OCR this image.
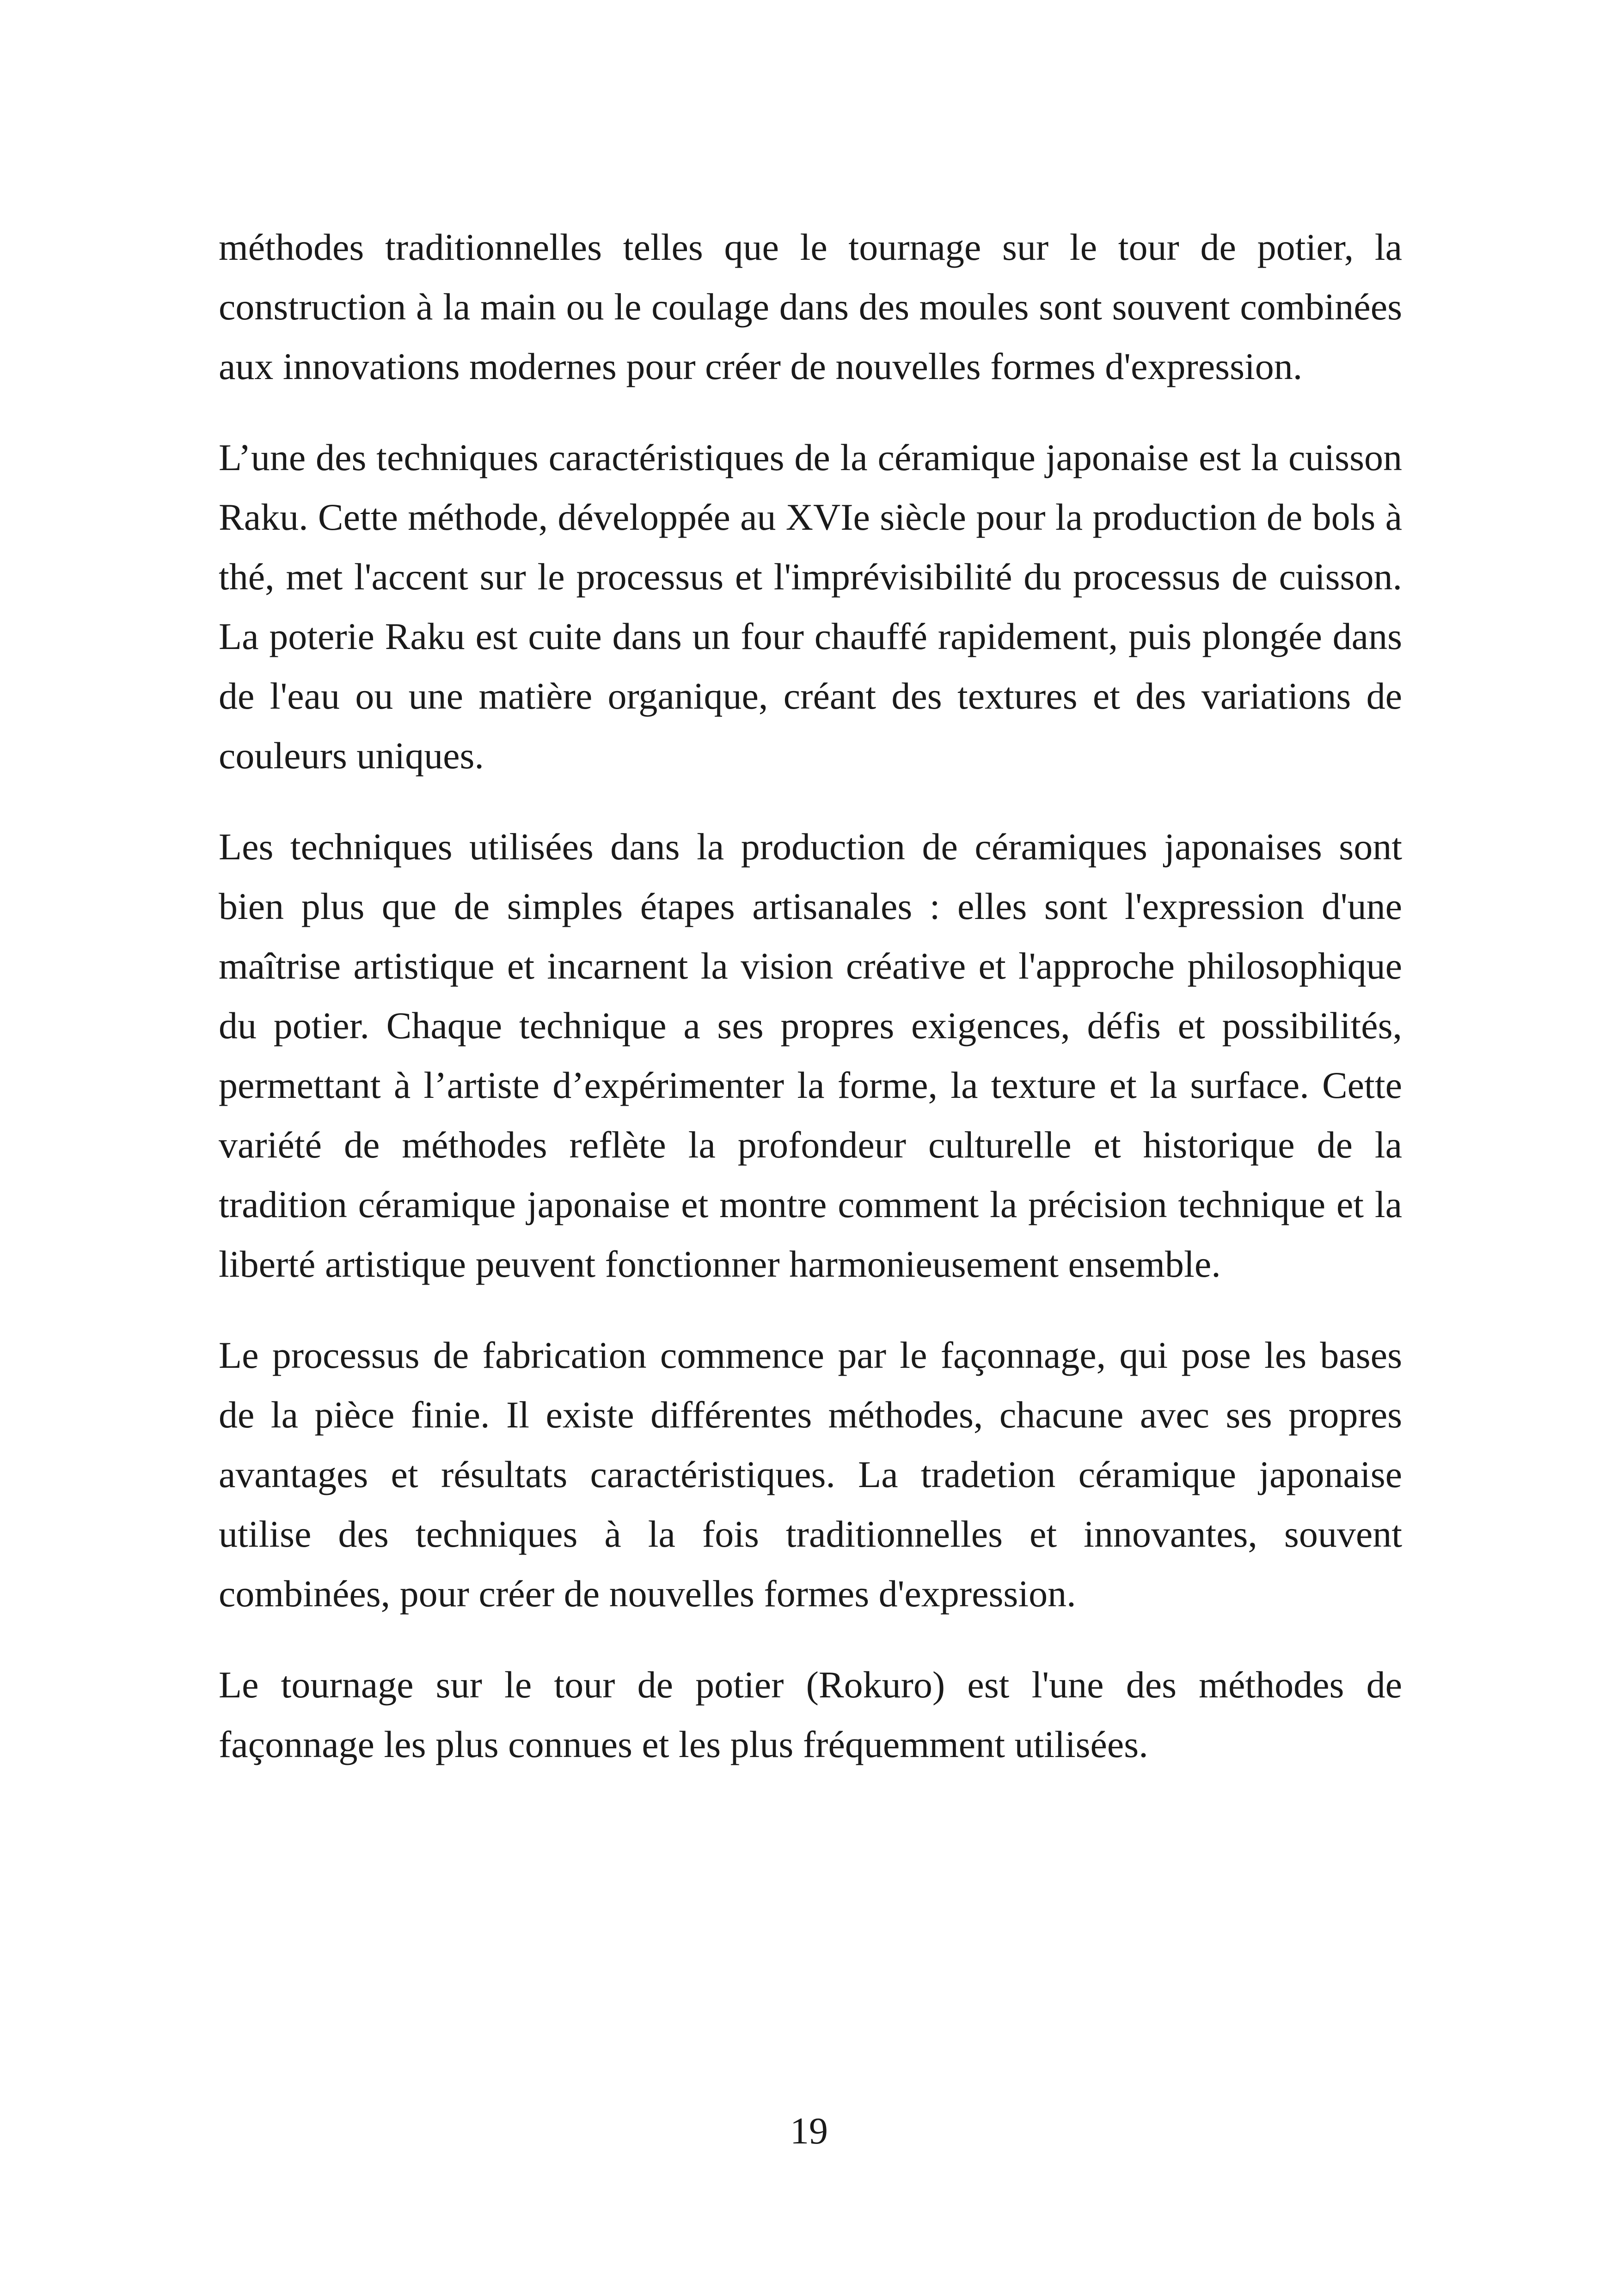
méthodes traditionnelles telles que le tournage sur le tour de potier, la construction à la main ou le coulage dans des moules sont souvent combinées aux innovations modernes pour créer de nouvelles formes d'expression.

L’une des techniques caractéristiques de la céramique japonaise est la cuisson Raku. Cette méthode, développée au XVIe siècle pour la production de bols à thé, met l'accent sur le processus et l'imprévisibilité du processus de cuisson. La poterie Raku est cuite dans un four chauffé rapidement, puis plongée dans de l'eau ou une matière organique, créant des textures et des variations de couleurs uniques.

Les techniques utilisées dans la production de céramiques japonaises sont bien plus que de simples étapes artisanales : elles sont l'expression d'une maîtrise artistique et incarnent la vision créative et l'approche philosophique du potier. Chaque technique a ses propres exigences, défis et possibilités, permettant à l’artiste d’expérimenter la forme, la texture et la surface. Cette variété de méthodes reflète la profondeur culturelle et historique de la tradition céramique japonaise et montre comment la précision technique et la liberté artistique peuvent fonctionner harmonieusement ensemble.

Le processus de fabrication commence par le façonnage, qui pose les bases de la pièce finie. Il existe différentes méthodes, chacune avec ses propres avantages et résultats caractéristiques. La tradetion céramique japonaise utilise des techniques à la fois traditionnelles et innovantes, souvent combinées, pour créer de nouvelles formes d'expression.

Le tournage sur le tour de potier (Rokuro) est l'une des méthodes de façonnage les plus connues et les plus fréquemment utilisées.

19
